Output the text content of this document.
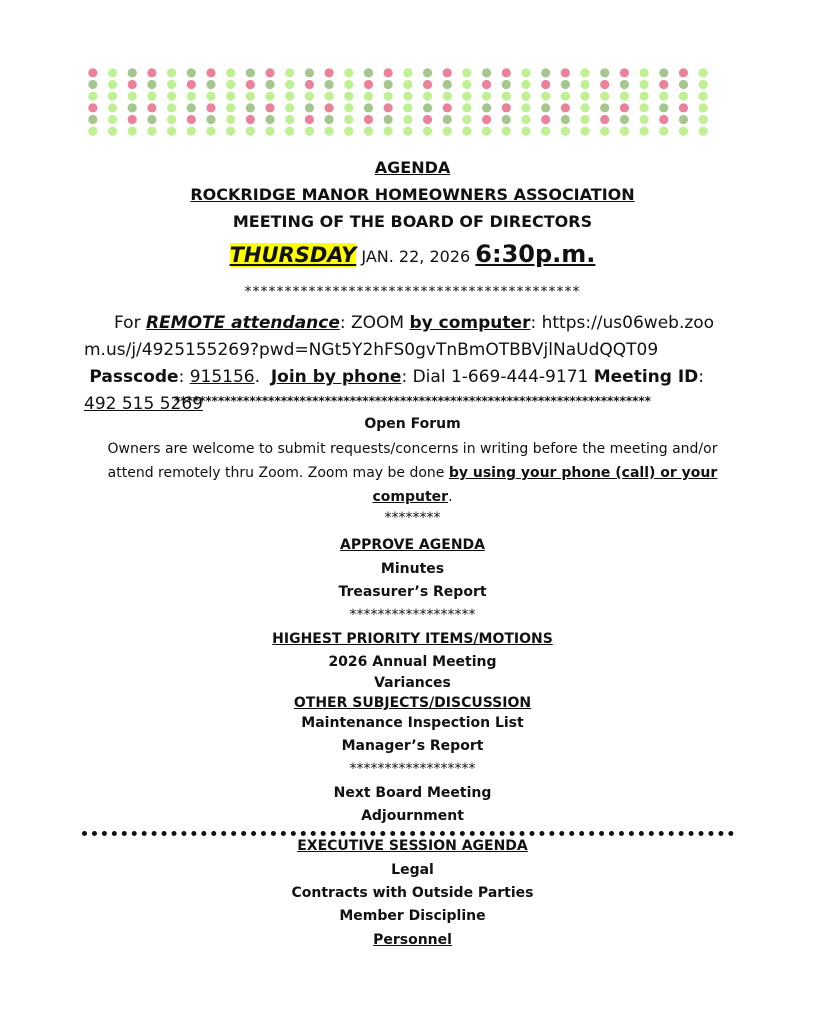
AGENDA
ROCKRIDGE MANOR HOMEOWNERS ASSOCIATION
MEETING OF THE BOARD OF DIRECTORS
THURSDAY JAN. 22, 2026 6:30p.m.
******************************************
For REMOTE attendance: ZOOM by computer: https://us06web.zoom.us/j/4925155269?pwd=NGt5Y2hFS0gvTnBmOTBBVjlNaUdQQT09  Passcode: 915156.  Join by phone: Dial 1-669-444-9171 Meeting ID: 492 515 5269
****************************************************************************
Open Forum
Owners are welcome to submit requests/concerns in writing before the meeting and/or attend remotely thru Zoom. Zoom may be done by using your phone (call) or your computer.
********
APPROVE AGENDA
Minutes
Treasurer’s Report
******************
HIGHEST PRIORITY ITEMS/MOTIONS
2026 Annual Meeting
Variances
OTHER SUBJECTS/DISCUSSION
Maintenance Inspection List
Manager’s Report
******************
Next Board Meeting
Adjournment
EXECUTIVE SESSION AGENDA
Legal
Contracts with Outside Parties
Member Discipline
Personnel
